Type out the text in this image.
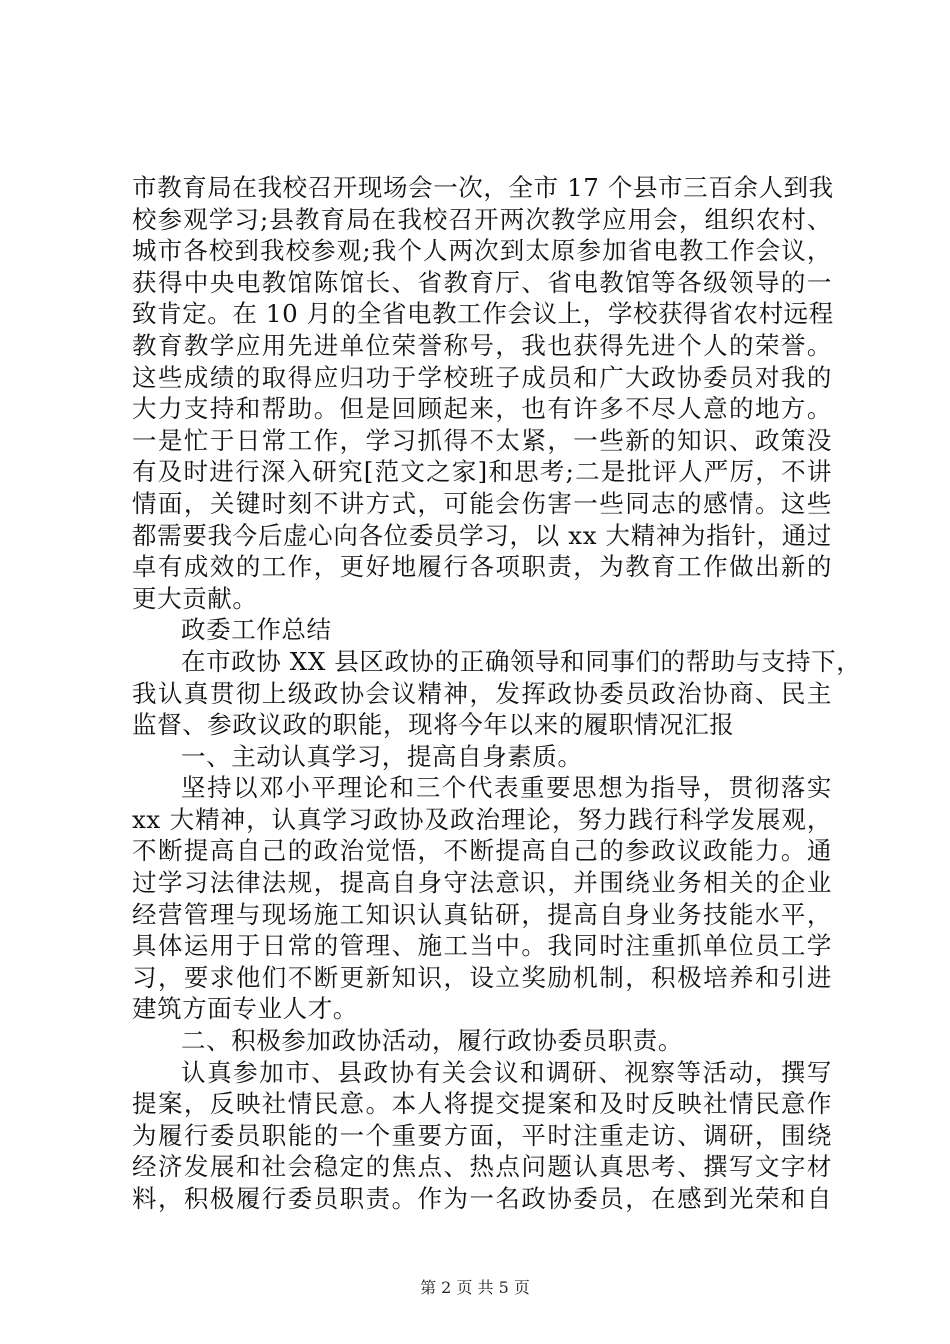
市教育局在我校召开现场会一次，全市 17 个县市三百余人到我
校参观学习;县教育局在我校召开两次教学应用会，组织农村、
城市各校到我校参观;我个人两次到太原参加省电教工作会议，
获得中央电教馆陈馆长、省教育厅、省电教馆等各级领导的一
致肯定。在 10 月的全省电教工作会议上，学校获得省农村远程
教育教学应用先进单位荣誉称号，我也获得先进个人的荣誉。
这些成绩的取得应归功于学校班子成员和广大政协委员对我的
大力支持和帮助。但是回顾起来，也有许多不尽人意的地方。
一是忙于日常工作，学习抓得不太紧，一些新的知识、政策没
有及时进行深入研究[范文之家]和思考;二是批评人严厉，不讲
情面，关键时刻不讲方式，可能会伤害一些同志的感情。这些
都需要我今后虚心向各位委员学习，以 xx 大精神为指针，通过
卓有成效的工作，更好地履行各项职责，为教育工作做出新的
更大贡献。
政委工作总结
在市政协 XX 县区政协的正确领导和同事们的帮助与支持下，
我认真贯彻上级政协会议精神，发挥政协委员政治协商、民主
监督、参政议政的职能，现将今年以来的履职情况汇报
一、主动认真学习，提高自身素质。
坚持以邓小平理论和三个代表重要思想为指导，贯彻落实
xx 大精神，认真学习政协及政治理论，努力践行科学发展观，
不断提高自己的政治觉悟，不断提高自己的参政议政能力。通
过学习法律法规，提高自身守法意识，并围绕业务相关的企业
经营管理与现场施工知识认真钻研，提高自身业务技能水平，
具体运用于日常的管理、施工当中。我同时注重抓单位员工学
习，要求他们不断更新知识，设立奖励机制，积极培养和引进
建筑方面专业人才。
二、积极参加政协活动，履行政协委员职责。
认真参加市、县政协有关会议和调研、视察等活动，撰写
提案，反映社情民意。本人将提交提案和及时反映社情民意作
为履行委员职能的一个重要方面，平时注重走访、调研，围绕
经济发展和社会稳定的焦点、热点问题认真思考、撰写文字材
料，积极履行委员职责。作为一名政协委员，在感到光荣和自
第 2 页 共 5 页
